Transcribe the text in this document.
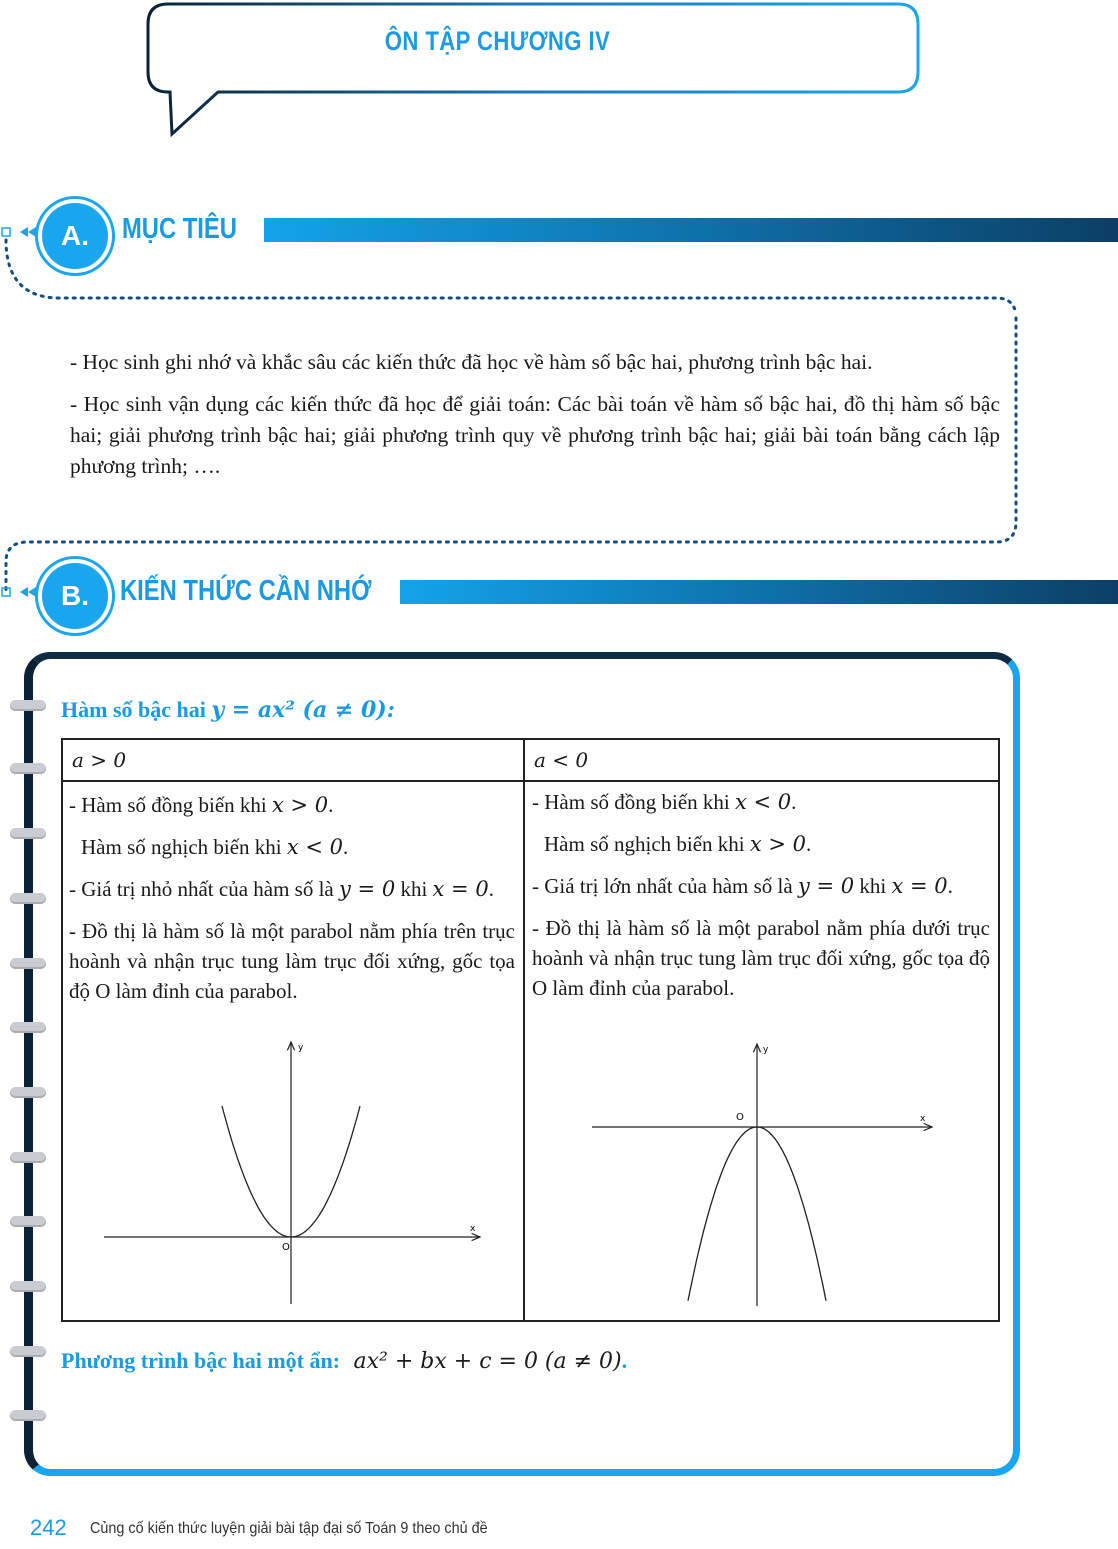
ÔN TẬP CHƯƠNG IV
A. MỤC TIÊU
- Học sinh ghi nhớ và khắc sâu các kiến thức đã học về hàm số bậc hai, phương trình bậc hai.
- Học sinh vận dụng các kiến thức đã học để giải toán: Các bài toán về hàm số bậc hai, đồ thị hàm số bậc hai; giải phương trình bậc hai; giải phương trình quy về phương trình bậc hai; giải bài toán bằng cách lập phương trình; ….
B. KIẾN THỨC CẦN NHỚ
Hàm số bậc hai y = ax² (a ≠ 0):
a > 0	a < 0

- Hàm số đồng biến khi x > 0.

Hàm số nghịch biến khi x < 0.

- Giá trị nhỏ nhất của hàm số là y = 0 khi x = 0.

- Đồ thị là hàm số là một parabol nằm phía trên trục hoành và nhận trục tung làm trục đối xứng, gốc tọa độ O làm đỉnh của parabol.

- Hàm số đồng biến khi x < 0.

Hàm số nghịch biến khi x > 0.

- Giá trị lớn nhất của hàm số là y = 0 khi x = 0.

- Đồ thị là hàm số là một parabol nằm phía dưới trục hoành và nhận trục tung làm trục đối xứng, gốc tọa độ O làm đỉnh của parabol.

x
y
O
x
y
O
Phương trình bậc hai một ẩn: ax² + bx + c = 0 (a ≠ 0).
242 Củng cố kiến thức luyện giải bài tập đại số Toán 9 theo chủ đề
